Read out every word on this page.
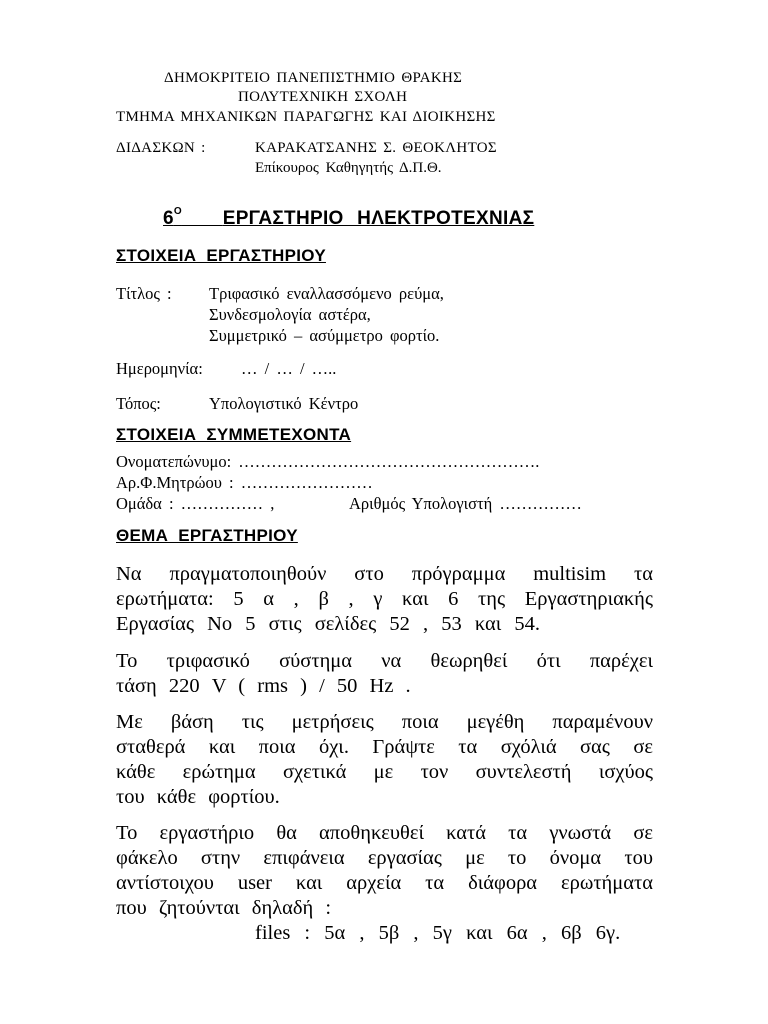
ΔΗΜΟΚΡΙΤΕΙΟ ΠΑΝΕΠΙΣΤΗΜΙΟ ΘΡΑΚΗΣ
ΠΟΛΥΤΕΧΝΙΚΗ ΣΧΟΛΗ
ΤΜΗΜΑ ΜΗΧΑΝΙΚΩΝ ΠΑΡΑΓΩΓΗΣ ΚΑΙ ΔΙΟΙΚΗΣΗΣ
ΔΙΔΑΣΚΩΝ :	ΚΑΡΑΚΑΤΣΑΝΗΣ Σ. ΘΕΟΚΛΗΤΟΣ
Επίκουρος Καθηγητής Δ.Π.Θ.
$6^O$ ΕΡΓΑΣΤΗΡΙΟ ΗΛΕΚΤΡΟΤΕΧΝΙΑΣ
ΣΤΟΙΧΕΙΑ ΕΡΓΑΣΤΗΡΙΟΥ
Τίτλος : Τριφασικό εναλλασσόμενο ρεύμα,
Συνδεσμολογία αστέρα,
Συμμετρικό – ασύμμετρο φορτίο.
Ημερομηνία: … / … / …..
Τόπος:	Υπολογιστικό Κέντρο
ΣΤΟΙΧΕΙΑ ΣΥΜΜΕΤΕΧΟΝΤΑ
Ονοματεπώνυμο: ……………………………………………….
Αρ.Φ.Μητρώου : ……………………
Ομάδα : …………… ,	Αριθμός Υπολογιστή ……………
ΘΕΜΑ ΕΡΓΑΣΤΗΡΙΟΥ
Να πραγματοποιηθούν στο πρόγραμμα multisim τα
ερωτήματα: 5 α , β , γ και 6 της Εργαστηριακής
Εργασίας Νο 5 στις σελίδες 52 , 53 και 54.
Το τριφασικό σύστημα να θεωρηθεί ότι παρέχει
τάση 220 V ( rms ) / 50 Hz .
Με βάση τις μετρήσεις ποια μεγέθη παραμένουν
σταθερά και ποια όχι. Γράψτε τα σχόλιά σας σε
κάθε ερώτημα σχετικά με τον συντελεστή ισχύος
του κάθε φορτίου.
Το εργαστήριο θα αποθηκευθεί κατά τα γνωστά σε
φάκελο στην επιφάνεια εργασίας με το όνομα του
αντίστοιχου user και αρχεία τα διάφορα ερωτήματα
που ζητούνται δηλαδή :
files : 5α , 5β , 5γ και 6α , 6β 6γ.
